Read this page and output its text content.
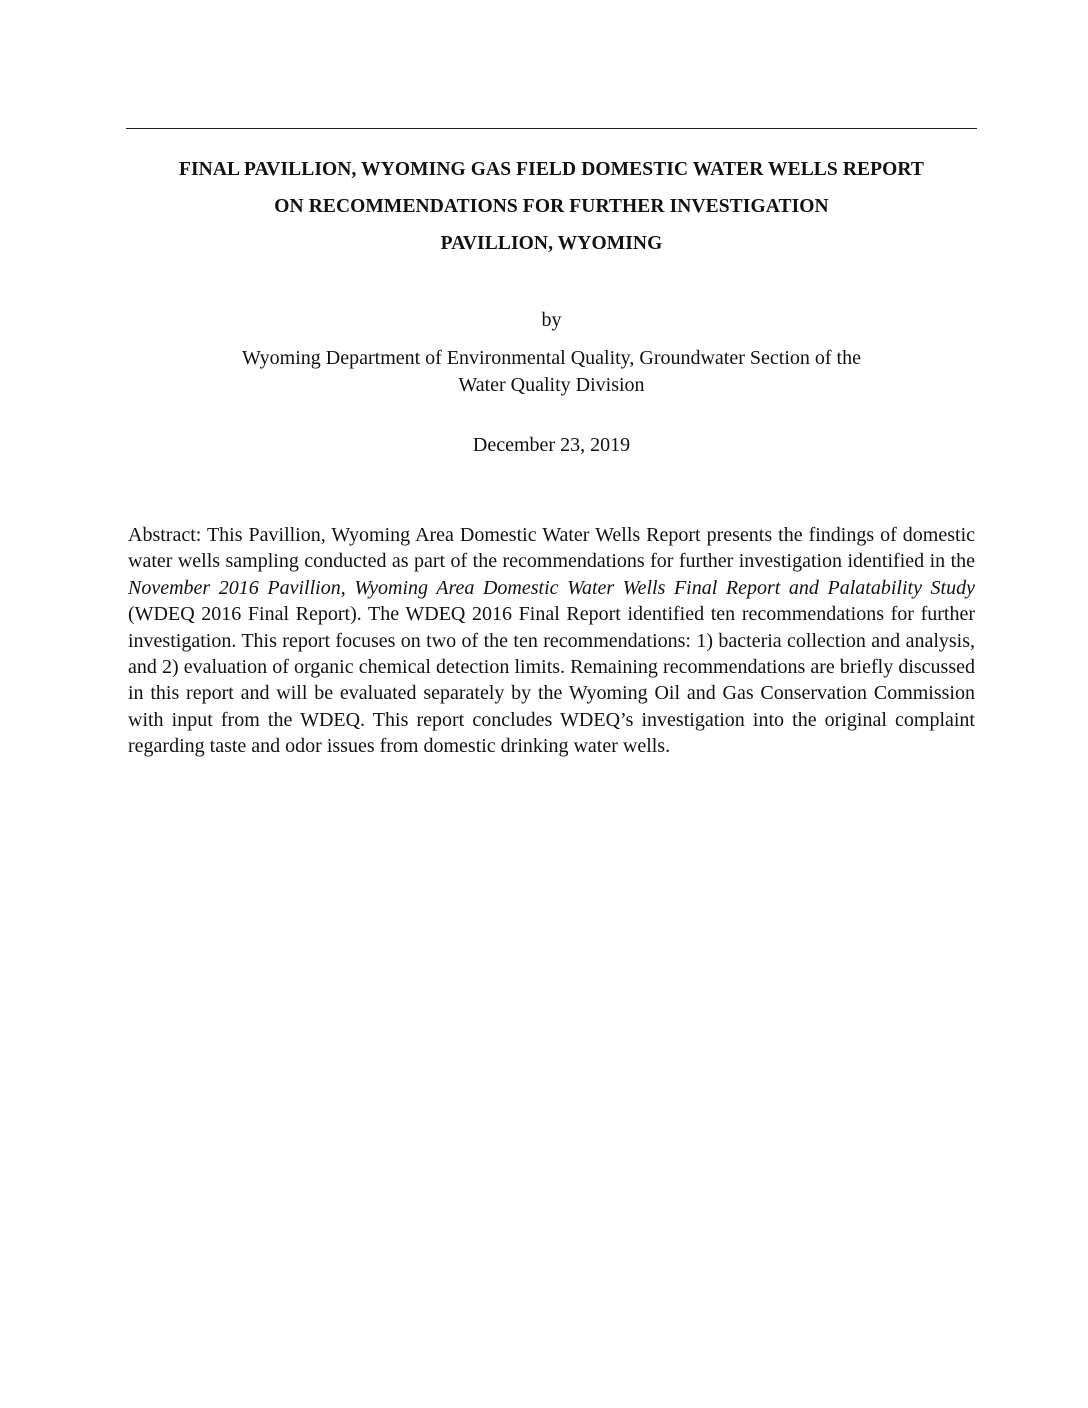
FINAL PAVILLION, WYOMING GAS FIELD DOMESTIC WATER WELLS REPORT
ON RECOMMENDATIONS FOR FURTHER INVESTIGATION
PAVILLION, WYOMING
by
Wyoming Department of Environmental Quality, Groundwater Section of the
Water Quality Division
December 23, 2019

Abstract: This Pavillion, Wyoming Area Domestic Water Wells Report presents the findings of domestic water wells sampling conducted as part of the recommendations for further investigation identified in the November 2016 Pavillion, Wyoming Area Domestic Water Wells Final Report and Palatability Study (WDEQ 2016 Final Report). The WDEQ 2016 Final Report identified ten recommendations for further investigation. This report focuses on two of the ten recommendations: 1) bacteria collection and analysis, and 2) evaluation of organic chemical detection limits. Remaining recommendations are briefly discussed in this report and will be evaluated separately by the Wyoming Oil and Gas Conservation Commission with input from the WDEQ. This report concludes WDEQ’s investigation into the original complaint regarding taste and odor issues from domestic drinking water wells.
